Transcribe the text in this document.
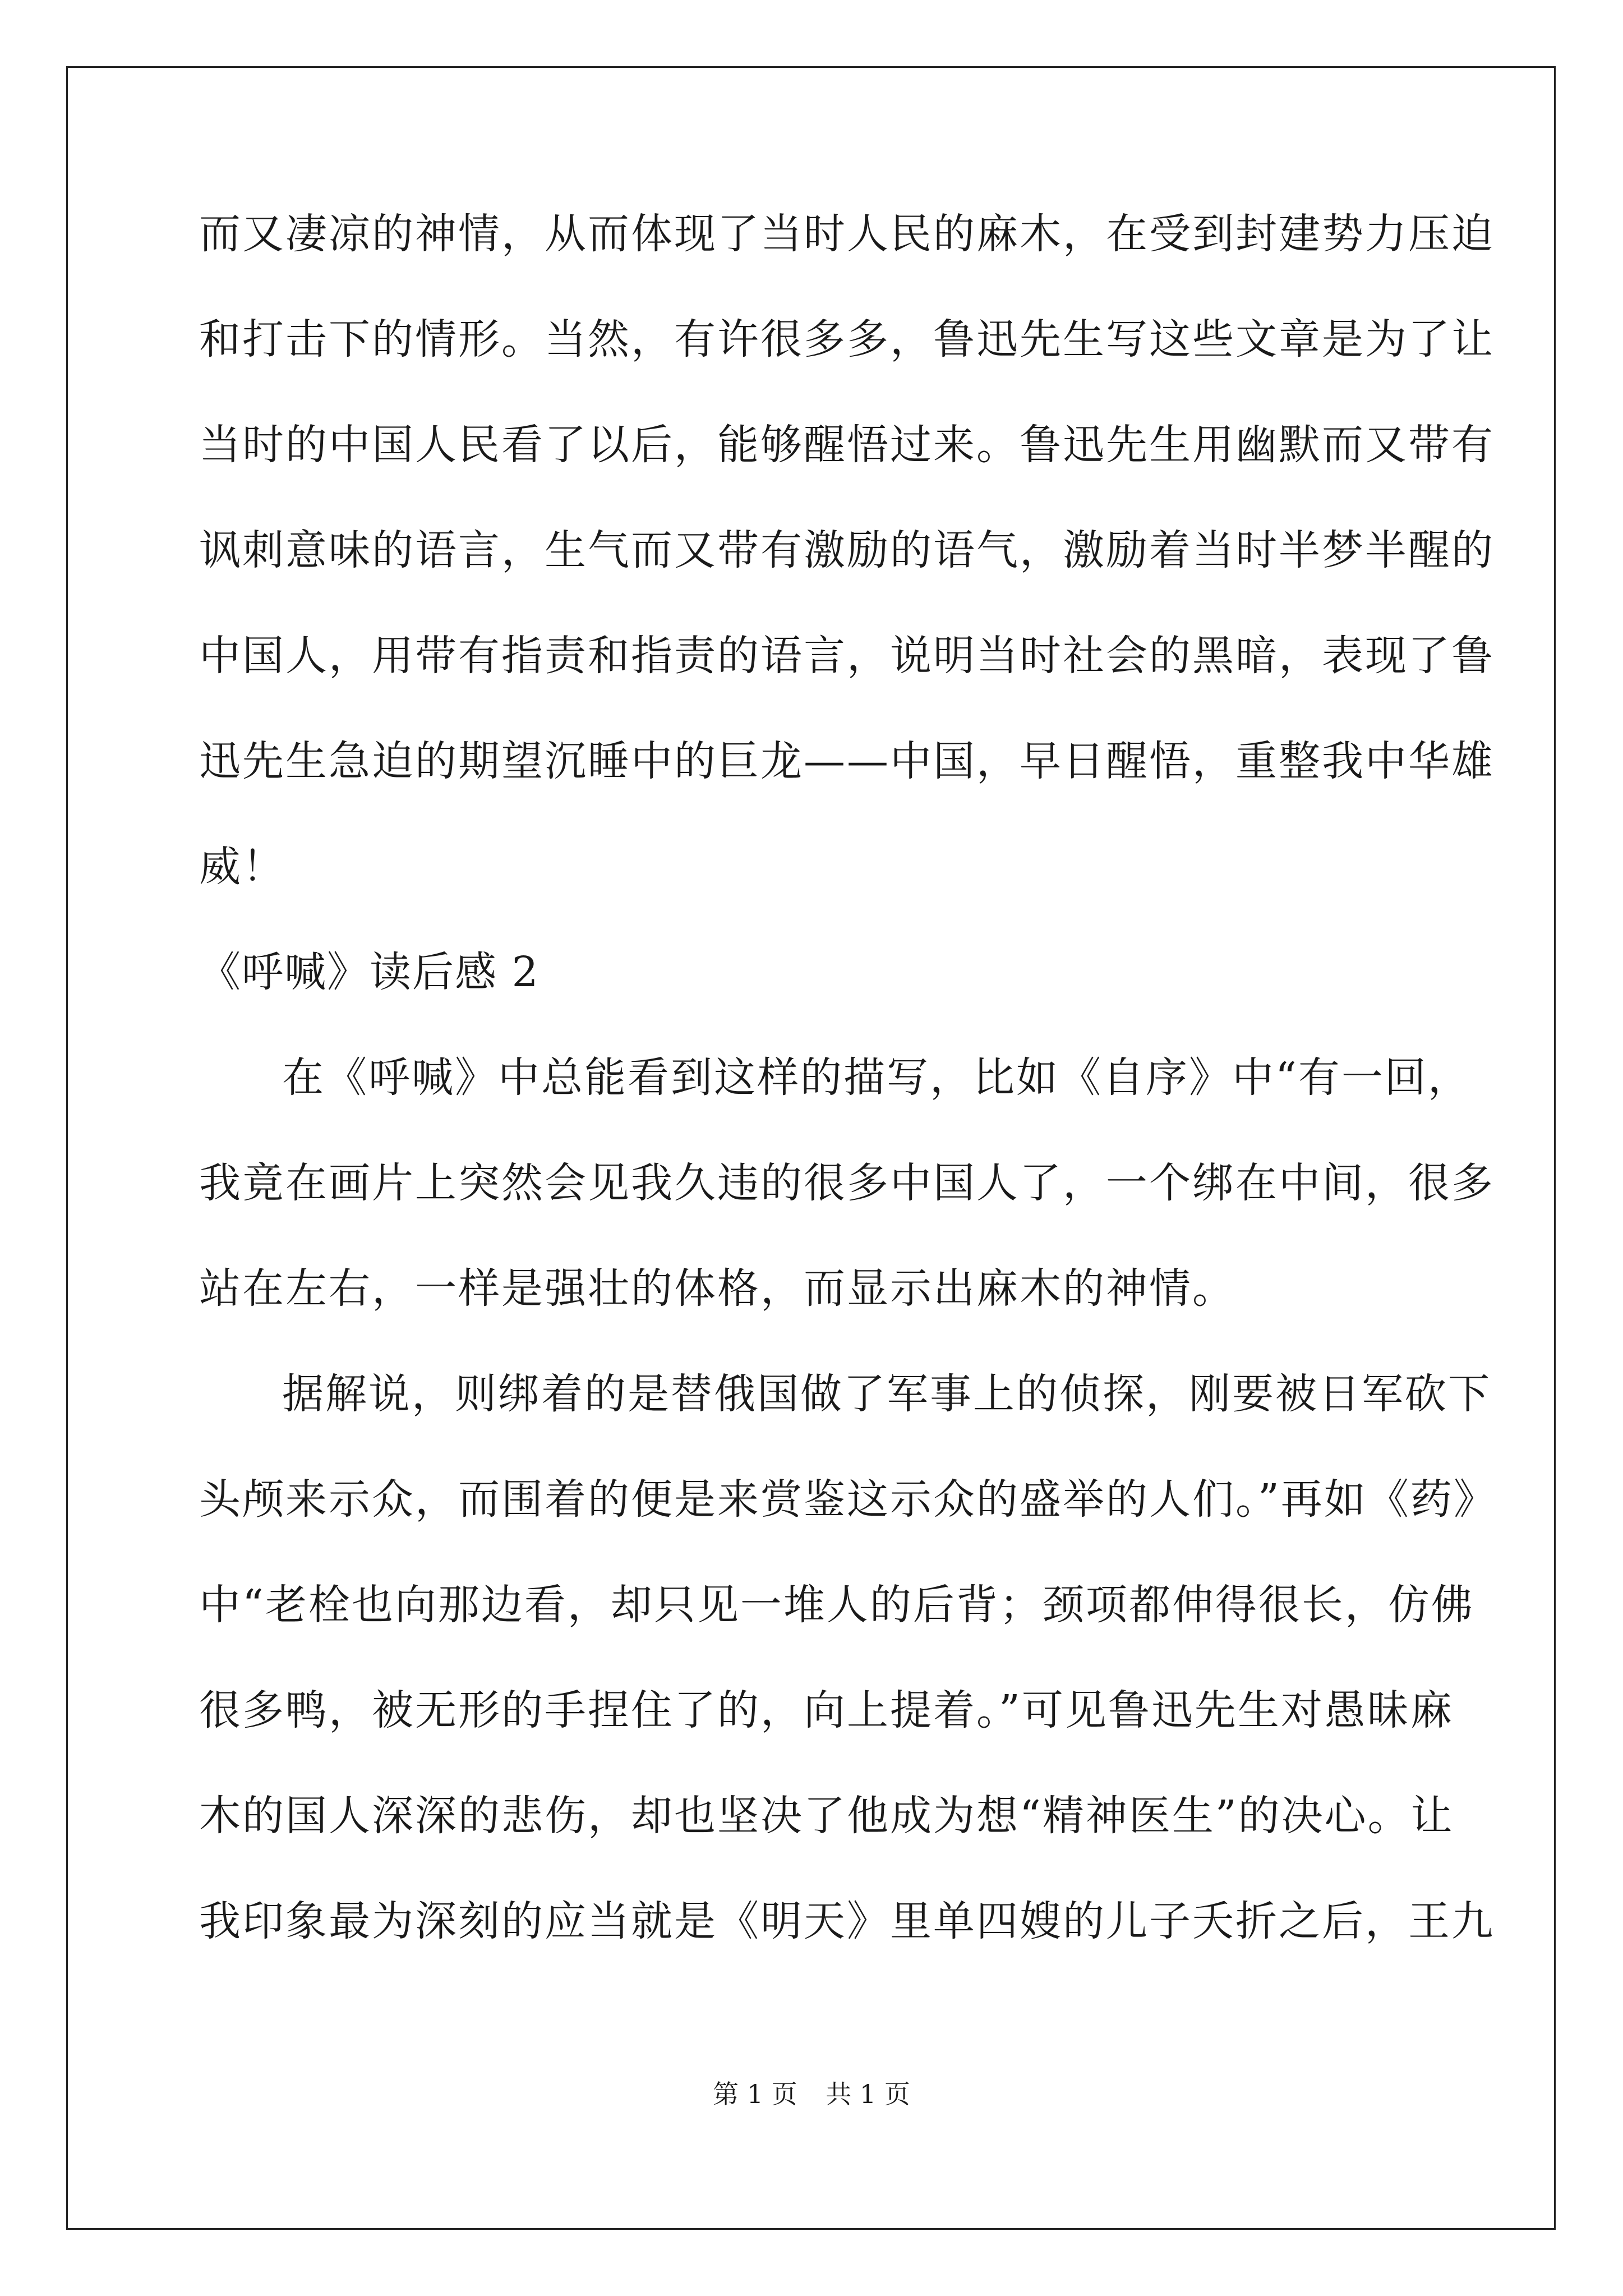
而又凄凉的神情，从而体现了当时人民的麻木，在受到封建势力压迫
和打击下的情形。当然，有许很多多，鲁迅先生写这些文章是为了让
当时的中国人民看了以后，能够醒悟过来。鲁迅先生用幽默而又带有
讽刺意味的语言，生气而又带有激励的语气，激励着当时半梦半醒的
中国人，用带有指责和指责的语言，说明当时社会的黑暗，表现了鲁
迅先生急迫的期望沉睡中的巨龙——中国，早日醒悟，重整我中华雄
威！
《呼喊》读后感 2
在《呼喊》中总能看到这样的描写，比如《自序》中“有一回，
我竟在画片上突然会见我久违的很多中国人了，一个绑在中间，很多
站在左右，一样是强壮的体格，而显示出麻木的神情。
据解说，则绑着的是替俄国做了军事上的侦探，刚要被日军砍下
头颅来示众，而围着的便是来赏鉴这示众的盛举的人们。”再如《药》
中“老栓也向那边看，却只见一堆人的后背；颈项都伸得很长，仿佛
很多鸭，被无形的手捏住了的，向上提着。”可见鲁迅先生对愚昧麻
木的国人深深的悲伤，却也坚决了他成为想“精神医生”的决心。让
我印象最为深刻的应当就是《明天》里单四嫂的儿子夭折之后，王九
第 1 页 共 1 页
